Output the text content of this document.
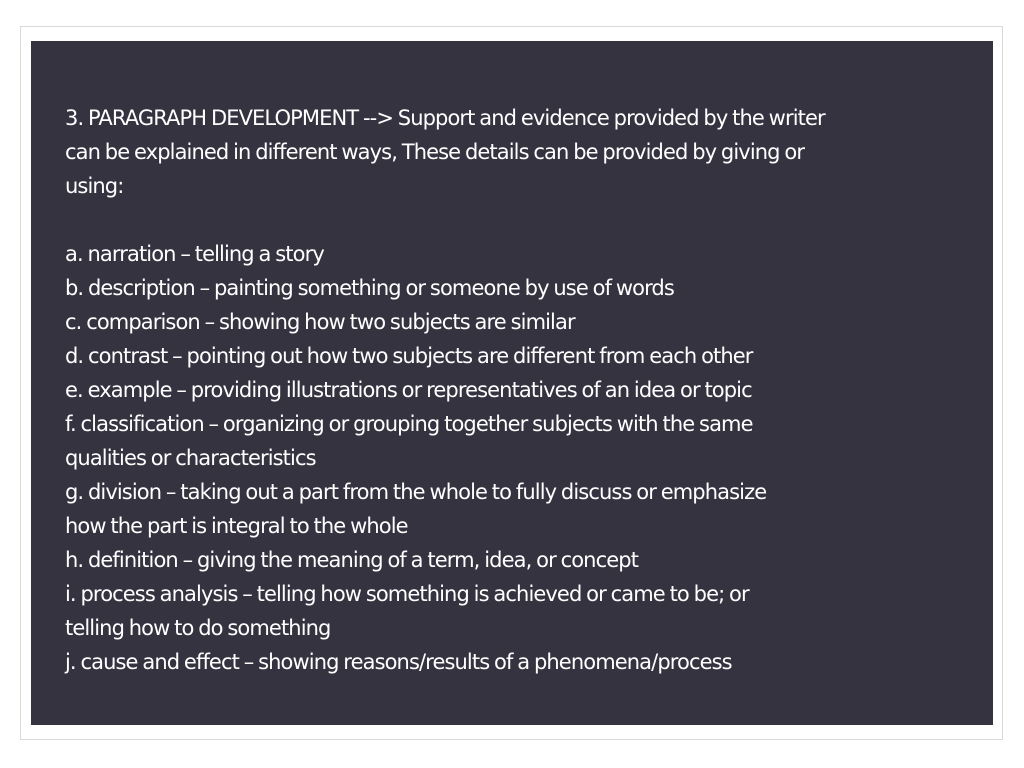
3. PARAGRAPH DEVELOPMENT --> Support and evidence provided by the writer

can be explained in different ways, These details can be provided by giving or

using:

a. narration – telling a story

b. description – painting something or someone by use of words

c. comparison – showing how two subjects are similar

d. contrast – pointing out how two subjects are different from each other

e. example – providing illustrations or representatives of an idea or topic

f. classification – organizing or grouping together subjects with the same

qualities or characteristics

g. division – taking out a part from the whole to fully discuss or emphasize

how the part is integral to the whole

h. definition – giving the meaning of a term, idea, or concept

i. process analysis – telling how something is achieved or came to be; or

telling how to do something

j. cause and effect – showing reasons/results of a phenomena/process
